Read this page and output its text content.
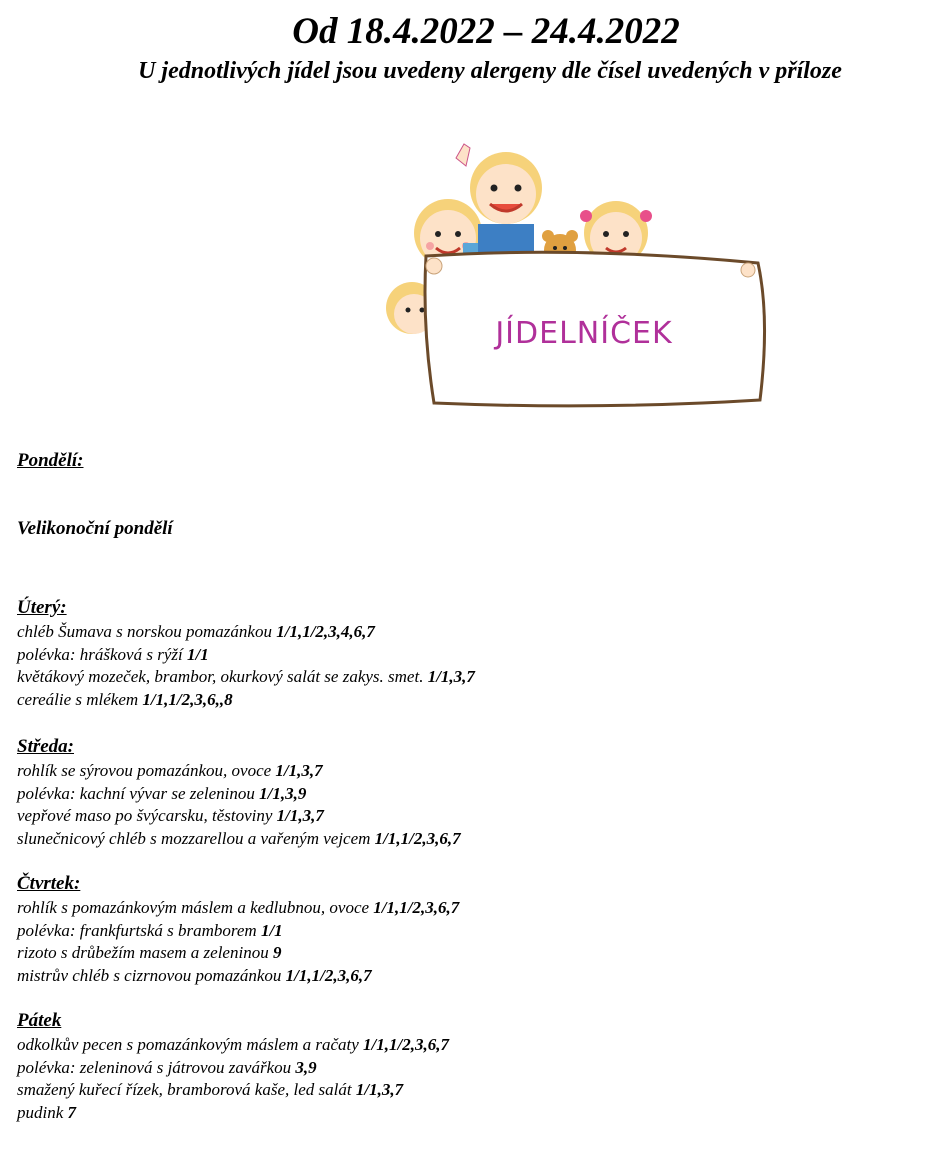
Od 18.4.2022 – 24.4.2022
U jednotlivých jídel jsou uvedeny alergeny dle čísel uvedených v příloze
JÍDELNÍČEK
Pondělí:
Velikonoční pondělí
Úterý:
chléb Šumava s norskou pomazánkou 1/1,1/2,3,4,6,7
polévka: hrášková s rýží 1/1
květákový mozeček, brambor, okurkový salát se zakys. smet. 1/1,3,7
cereálie s mlékem 1/1,1/2,3,6,,8
Středa:
rohlík se sýrovou pomazánkou, ovoce 1/1,3,7
polévka: kachní vývar se zeleninou 1/1,3,9
vepřové maso po švýcarsku, těstoviny 1/1,3,7
slunečnicový chléb s mozzarellou a vařeným vejcem 1/1,1/2,3,6,7
Čtvrtek:
rohlík s pomazánkovým máslem a kedlubnou, ovoce 1/1,1/2,3,6,7
polévka: frankfurtská s bramborem 1/1
rizoto s drůbežím masem a zeleninou 9
mistrův chléb s cizrnovou pomazánkou 1/1,1/2,3,6,7
Pátek
odkolkův pecen s pomazánkovým máslem a račaty 1/1,1/2,3,6,7
polévka: zeleninová s játrovou zavářkou 3,9
smažený kuřecí řízek, bramborová kaše, led salát 1/1,3,7
pudink 7
